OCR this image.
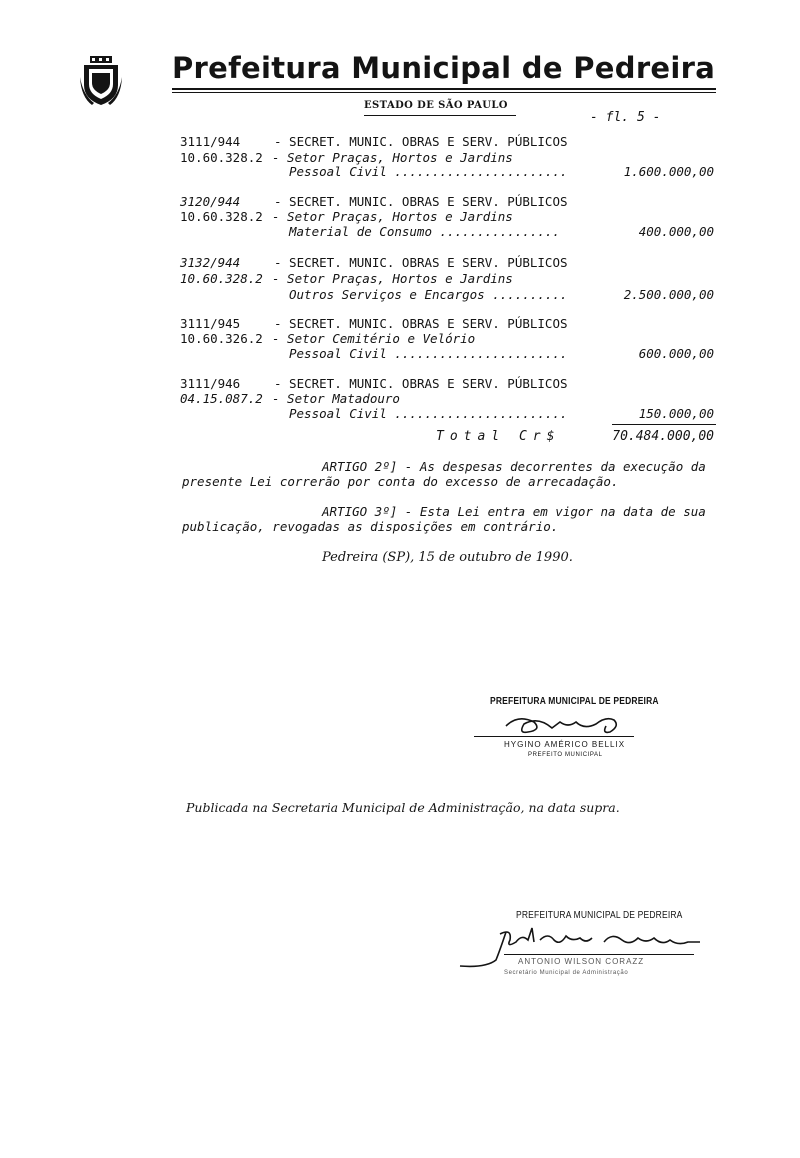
Prefeitura Municipal de Pedreira
ESTADO DE SÃO PAULO
- fl. 5 -
3111/944	- SECRET. MUNIC. OBRAS E SERV. PÚBLICOS
10.60.328.2 - Setor Praças, Hortos e Jardins
Pessoal Civil .......................	1.600.000,00
3120/944	- SECRET. MUNIC. OBRAS E SERV. PÚBLICOS
10.60.328.2 - Setor Praças, Hortos e Jardins
Material de Consumo ................	400.000,00
3132/944	- SECRET. MUNIC. OBRAS E SERV. PÚBLICOS
10.60.328.2 - Setor Praças, Hortos e Jardins
Outros Serviços e Encargos ..........	2.500.000,00
3111/945	- SECRET. MUNIC. OBRAS E SERV. PÚBLICOS
10.60.326.2 - Setor Cemitério e Velório
Pessoal Civil .......................	600.000,00
3111/946	- SECRET. MUNIC. OBRAS E SERV. PÚBLICOS
04.15.087.2 - Setor Matadouro
Pessoal Civil .......................	150.000,00
Total Cr$	70.484.000,00
ARTIGO 2º] - As despesas decorrentes da execução da
presente Lei correrão por conta do excesso de arrecadação.
ARTIGO 3º] - Esta Lei entra em vigor na data de sua
publicação, revogadas as disposições em contrário.
Pedreira (SP), 15 de outubro de 1990.
PREFEITURA MUNICIPAL DE PEDREIRA
HYGINO AMÉRICO BELLIX
PREFEITO MUNICIPAL
Publicada na Secretaria Municipal de Administração, na data supra.
PREFEITURA MUNICIPAL DE PEDREIRA
ANTONIO WILSON CORAZZ
Secretário Municipal de Administração
